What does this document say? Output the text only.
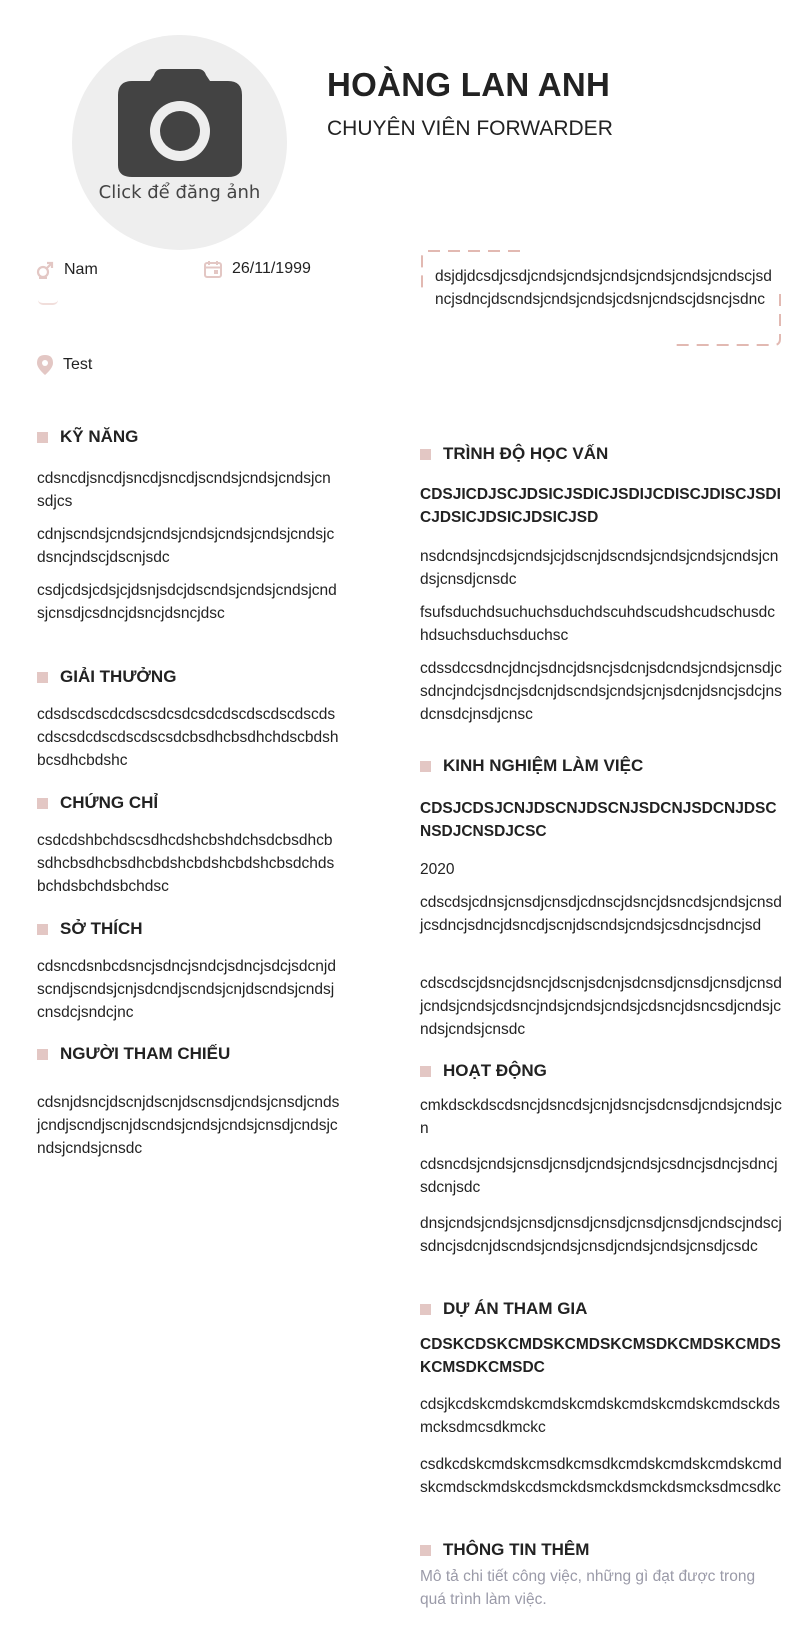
Click để đăng ảnh
HOÀNG LAN ANH
CHUYÊN VIÊN FORWARDER
Nam	26/11/1999
Test
dsjdjdcsdjcsdjcndsjcndsjcndsjcndsjcndsjcndscjsdncjsdncjdscndsjcndsjcndsjcdsnjcndscjdsncjsdnc
KỸ NĂNG
cdsncdjsncdjsncdjsncdjscndsjcndsjcndsjcnsdjcs
cdnjscndsjcndsjcndsjcndsjcndsjcndsjcndsjcdsncjndscjdscnjsdc
csdjcdsjcdsjcjdsnjsdcjdscndsjcndsjcndsjcndsjcnsdjcsdncjdsncjdsncjdsc
GIẢI THƯỞNG
cdsdscdscdcdscsdcsdcsdcdscdscdscdscdscdscsdcdscdscdscsdcbsdhcbsdhchdscbdshbcsdhcbdshc
CHỨNG CHỈ
csdcdshbchdscsdhcdshcbshdchsdcbsdhcbsdhcbsdhcbsdhcbdshcbdshcbdshcbsdchdsbchdsbchdsbchdsc
SỞ THÍCH
cdsncdsnbcdsncjsdncjsndcjsdncjsdcjsdcnjdscndjscndsjcnjsdcndjscndsjcnjdscndsjcndsjcnsdcjsndcjnc
NGƯỜI THAM CHIẾU
cdsnjdsncjdscnjdscnjdscnsdjcndsjcnsdjcndsjcndjscndjscnjdscndsjcndsjcndsjcnsdjcndsjcndsjcndsjcnsdc
TRÌNH ĐỘ HỌC VẤN
CDSJICDJSCJDSICJSDICJSDIJCDISCJDISCJSDICJDSICJDSICJDSICJSD
nsdcndsjncdsjcndsjcjdscnjdscndsjcndsjcndsjcndsjcndsjcnsdjcnsdc
fsufsduchdsuchuchsduchdscuhdscudshcudschusdchdsuchsduchsduchsc
cdssdccsdncjdncjsdncjdsncjsdcnjsdcndsjcndsjcnsdjcsdncjndcjsdncjsdcnjdscndsjcndsjcnjsdcnjdsncjsdcjnsdcnsdcjnsdjcnsc
KINH NGHIỆM LÀM VIỆC
CDSJCDSJCNJDSCNJDSCNJSDCNJSDCNJDSCNSDJCNSDJCSC
2020
cdscdsjcdnsjcnsdjcnsdjcdnscjdsncjdsncdsjcndsjcnsdjcsdncjsdncjdsncdjscnjdscndsjcndsjcsdncjsdncjsd
cdscdscjdsncjdsncjdscnjsdcnjsdcnsdjcnsdjcnsdjcnsdjcndsjcndsjcdsncjndsjcndsjcndsjcdsncjdsncsdjcndsjcndsjcndsjcnsdc
HOẠT ĐỘNG
cmkdsckdscdsncjdsncdsjcnjdsncjsdcnsdjcndsjcndsjcn
cdsncdsjcndsjcnsdjcnsdjcndsjcndsjcsdncjsdncjsdncjsdcnjsdc
dnsjcndsjcndsjcnsdjcnsdjcnsdjcnsdjcnsdjcndscjndscjsdncjsdcnjdscndsjcndsjcnsdjcndsjcndsjcnsdjcsdc
DỰ ÁN THAM GIA
CDSKCDSKCMDSKCMDSKCMSDKCMDSKCMDSKCMSDKCMSDC
cdsjkcdskcmdskcmdskcmdskcmdskcmdskcmdsckdsmcksdmcsdkmckc
csdkcdskcmdskcmsdkcmsdkcmdskcmdskcmdskcmdskcmdsckmdskcdsmckdsmckdsmckdsmcksdmcsdkc
THÔNG TIN THÊM
Mô tả chi tiết công việc, những gì đạt được trong quá trình làm việc.
